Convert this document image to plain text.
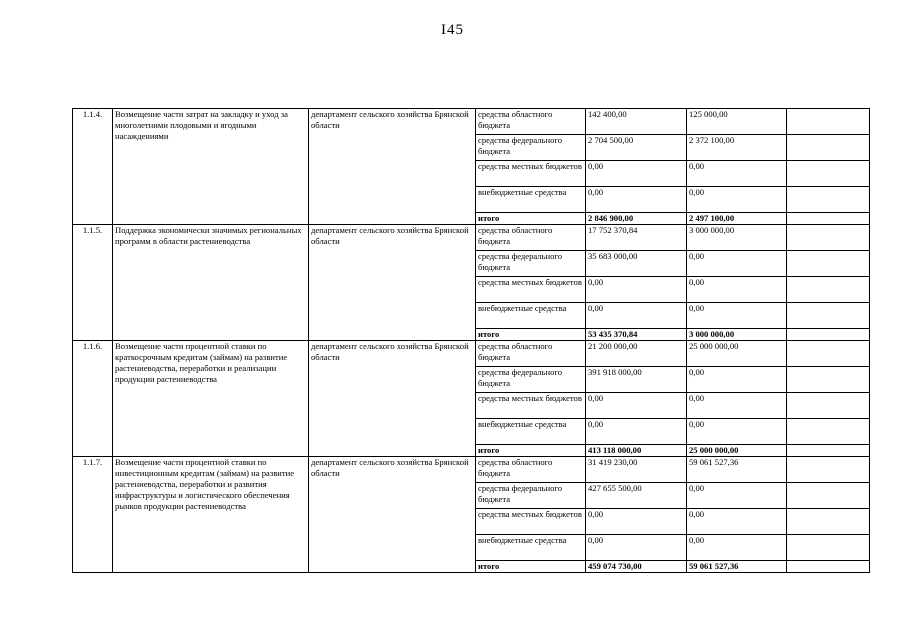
I45
1.1.4.	Возмещение части затрат на закладку и уход за многолетними плодовыми и ягодными насаждениями	департамент сельского хозяйства Брянской области	средства областного бюджета	142 400,00	125 000,00	

			средства федерального бюджета	2 704 500,00	2 372 100,00	

			средства местных бюджетов	0,00	0,00	

			внебюджетные средства	0,00	0,00	
			итого	2 846 900,00	2 497 100,00	
1.1.5.	Поддержка экономически значимых региональных программ в области растениеводства	департамент сельского хозяйства Брянской области	средства областного бюджета	17 752 370,84	3 000 000,00	

			средства федерального бюджета	35 683 000,00	0,00	

			средства местных бюджетов	0,00	0,00	

			внебюджетные средства	0,00	0,00	
			итого	53 435 370,84	3 000 000,00	
1.1.6.	Возмещение части процентной ставки по краткосрочным кредитам (займам) на развитие растениеводства, переработки и реализации продукции растениеводства	департамент сельского хозяйства Брянской области	средства областного бюджета	21 200 000,00	25 000 000,00	

			средства федерального бюджета	391 918 000,00	0,00	

			средства местных бюджетов	0,00	0,00	

			внебюджетные средства	0,00	0,00	
			итого	413 118 000,00	25 000 000,00	
1.1.7.	Возмещение части процентной ставки по инвестиционным кредитам (займам) на развитие растениеводства, переработки и развития инфраструктуры и логистического обеспечения рынков продукции растениеводства	департамент сельского хозяйства Брянской области	средства областного бюджета	31 419 230,00	59 061 527,36	

			средства федерального бюджета	427 655 500,00	0,00	

			средства местных бюджетов	0,00	0,00	

			внебюджетные средства	0,00	0,00	
			итого	459 074 730,00	59 061 527,36	
